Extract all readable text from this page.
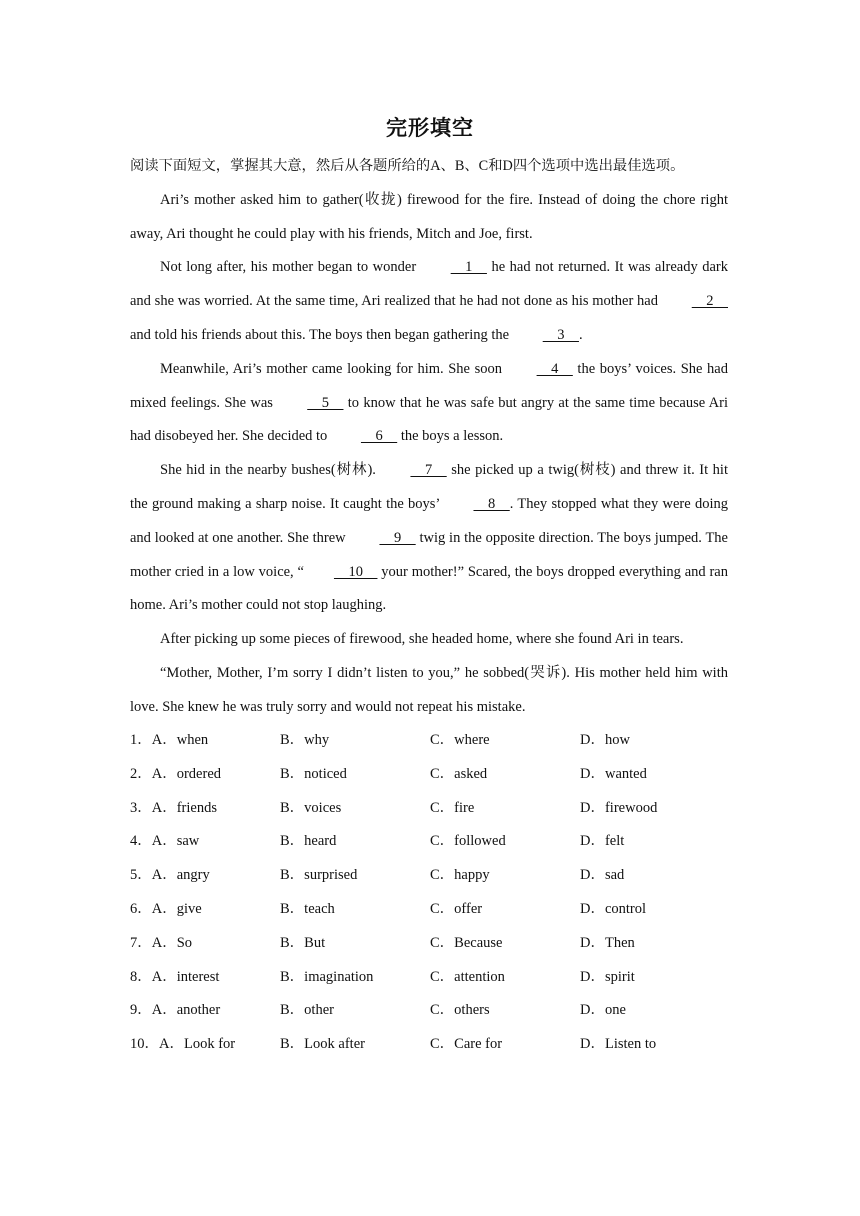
完形填空

阅读下面短文，掌握其大意，然后从各题所给的A、B、C和D四个选项中选出最佳选项。

Ari’s mother asked him to gather(收拢) firewood for the fire. Instead of doing the chore right away, Ari thought he could play with his friends, Mitch and Joe, first.

Not long after, his mother began to wonder     1     he had not returned. It was already dark and she was worried. At the same time, Ari realized that he had not done as his mother had     2     and told his friends about this. The boys then began gathering the     3    .

Meanwhile, Ari’s mother came looking for him. She soon     4     the boys’ voices. She had mixed feelings. She was     5     to know that he was safe but angry at the same time because Ari had disobeyed her. She decided to     6     the boys a lesson.

She hid in the nearby bushes(树林).     7     she picked up a twig(树枝) and threw it. It hit the ground making a sharp noise. It caught the boys’     8    . They stopped what they were doing and looked at one another. She threw     9     twig in the opposite direction. The boys jumped. The mother cried in a low voice, “    10     your mother!” Scared, the boys dropped everything and ran home. Ari’s mother could not stop laughing.

After picking up some pieces of firewood, she headed home, where she found Ari in tears.

“Mother, Mother, I’m sorry I didn’t listen to you,” he sobbed(哭诉). His mother held him with love. She knew he was truly sorry and would not repeat his mistake.

1．A．when	B．why	C．where	D．how
2．A．ordered	B．noticed	C．asked	D．wanted
3．A．friends	B．voices	C．fire	D．firewood
4．A．saw	B．heard	C．followed	D．felt
5．A．angry	B．surprised	C．happy	D．sad
6．A．give	B．teach	C．offer	D．control
7．A．So	B．But	C．Because	D．Then
8．A．interest	B．imagination	C．attention	D．spirit
9．A．another	B．other	C．others	D．one
10．A．Look for	B．Look after	C．Care for	D．Listen to
